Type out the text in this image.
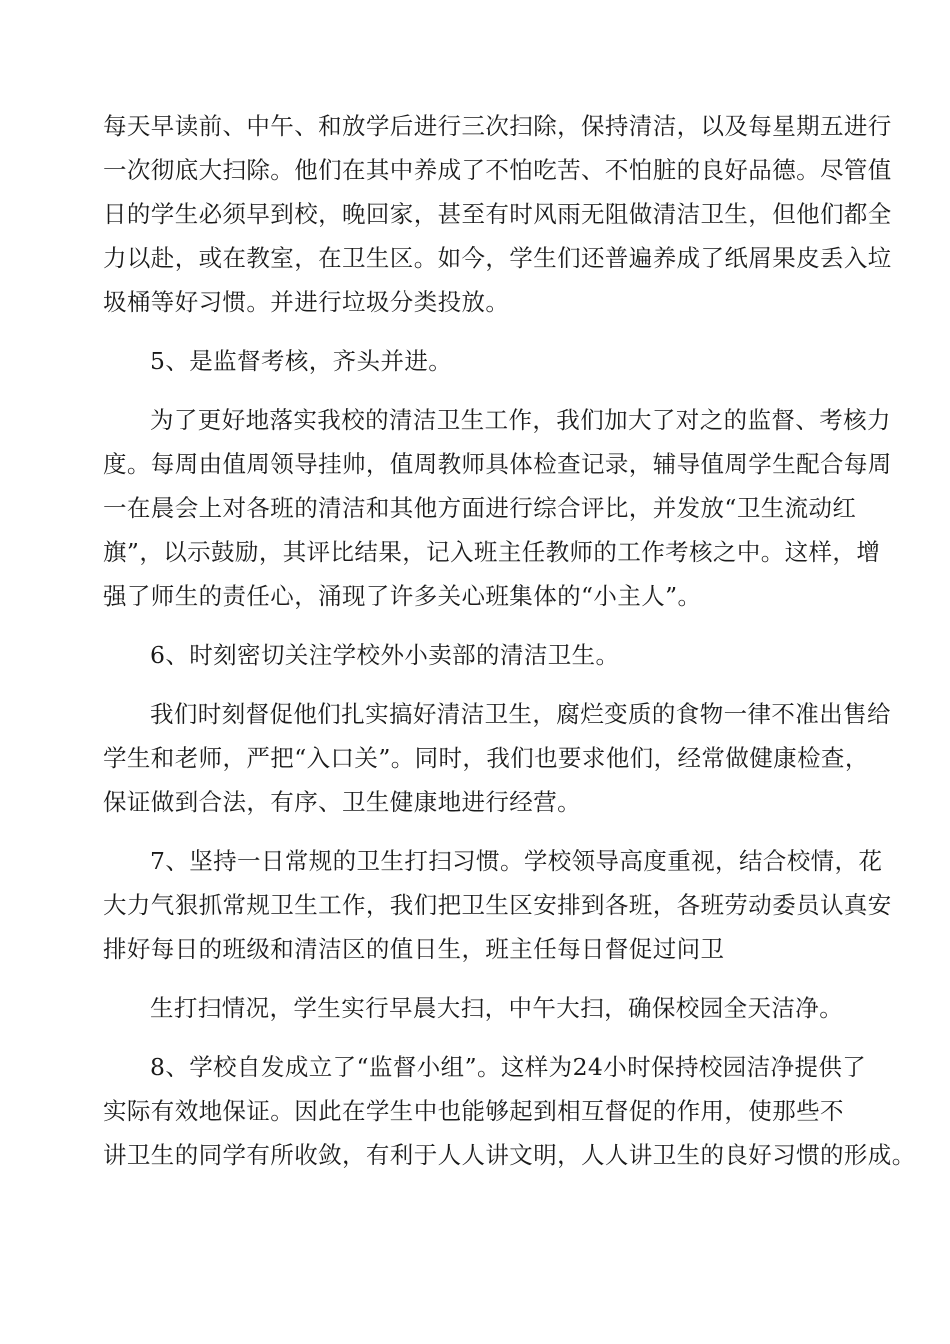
每天早读前、中午、和放学后进行三次扫除，保持清洁，以及每星期五进行
一次彻底大扫除。他们在其中养成了不怕吃苦、不怕脏的良好品德。尽管值
日的学生必须早到校，晚回家，甚至有时风雨无阻做清洁卫生，但他们都全
力以赴，或在教室，在卫生区。如今，学生们还普遍养成了纸屑果皮丢入垃
圾桶等好习惯。并进行垃圾分类投放。
5、是监督考核，齐头并进。
为了更好地落实我校的清洁卫生工作，我们加大了对之的监督、考核力
度。每周由值周领导挂帅，值周教师具体检查记录，辅导值周学生配合每周
一在晨会上对各班的清洁和其他方面进行综合评比，并发放“卫生流动红
旗”，以示鼓励，其评比结果，记入班主任教师的工作考核之中。这样，增
强了师生的责任心，涌现了许多关心班集体的“小主人”。
6、时刻密切关注学校外小卖部的清洁卫生。
我们时刻督促他们扎实搞好清洁卫生，腐烂变质的食物一律不准出售给
学生和老师，严把“入口关”。同时，我们也要求他们，经常做健康检查，
保证做到合法，有序、卫生健康地进行经营。
7、坚持一日常规的卫生打扫习惯。学校领导高度重视，结合校情，花
大力气狠抓常规卫生工作，我们把卫生区安排到各班，各班劳动委员认真安
排好每日的班级和清洁区的值日生，班主任每日督促过问卫
生打扫情况，学生实行早晨大扫，中午大扫，确保校园全天洁净。
8、学校自发成立了“监督小组”。这样为24小时保持校园洁净提供了
实际有效地保证。因此在学生中也能够起到相互督促的作用，使那些不
讲卫生的同学有所收敛，有利于人人讲文明，人人讲卫生的良好习惯的形成。
